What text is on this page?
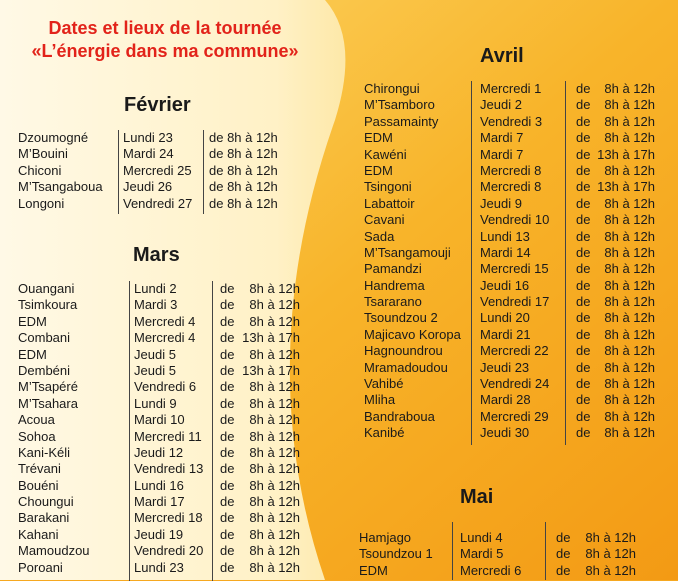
Dates et lieux de la tournée
«L’énergie dans ma commune»
Février
Mars
Avril
Mai
Dzoumogné	Lundi 23	de 8h à 12h
M’Bouini	Mardi 24	de 8h à 12h
Chiconi	Mercredi 25 de 8h à 12h
M’Tsangaboua Jeudi 26	de 8h à 12h
Longoni	Vendredi 27 de 8h à 12h
Ouangani	Lundi 2	de 8h à 12h
Tsimkoura	Mardi 3	de 8h à 12h
EDM	Mercredi 4 de 8h à 12h
Combani	Mercredi 4 de 13h à 17h
EDM	Jeudi 5	de 8h à 12h
Dembéni	Jeudi 5	de 13h à 17h
M’Tsapéré	Vendredi 6 de 8h à 12h
M’Tsahara	Lundi 9	de 8h à 12h
Acoua	Mardi 10	de 8h à 12h
Sohoa	Mercredi 11 de 8h à 12h
Kani-Kéli	Jeudi 12	de 8h à 12h
Trévani	Vendredi 13 de 8h à 12h
Bouéni	Lundi 16	de 8h à 12h
Choungui	Mardi 17	de 8h à 12h
Barakani	Mercredi 18 de 8h à 12h
Kahani	Jeudi 19	de 8h à 12h
Mamoudzou	Vendredi 20 de 8h à 12h
Poroani	Lundi 23	de 8h à 12h
Chirongui	Mercredi 1	de 8h à 12h
M’Tsamboro	Jeudi 2	de 8h à 12h
Passamainty	Vendredi 3	de 8h à 12h
EDM	Mardi 7	de 8h à 12h
Kawéni	Mardi 7	de 13h à 17h
EDM	Mercredi 8	de 8h à 12h
Tsingoni	Mercredi 8	de 13h à 17h
Labattoir	Jeudi 9	de 8h à 12h
Cavani	Vendredi 10 de 8h à 12h
Sada	Lundi 13	de 8h à 12h
M’Tsangamouji Mardi 14	de 8h à 12h
Pamandzi	Mercredi 15 de 8h à 12h
Handrema	Jeudi 16	de 8h à 12h
Tsararano	Vendredi 17 de 8h à 12h
Tsoundzou 2	Lundi 20	de 8h à 12h
Majicavo Koropa Mardi 21	de 8h à 12h
Hagnoundrou	Mercredi 22 de 8h à 12h
Mramadoudou Jeudi 23	de 8h à 12h
Vahibé	Vendredi 24 de 8h à 12h
Mliha	Mardi 28	de 8h à 12h
Bandraboua	Mercredi 29 de 8h à 12h
Kanibé	Jeudi 30	de 8h à 12h
Hamjago	Lundi 4	de 8h à 12h
Tsoundzou 1 Mardi 5	de 8h à 12h
EDM	Mercredi 6	de 8h à 12h
